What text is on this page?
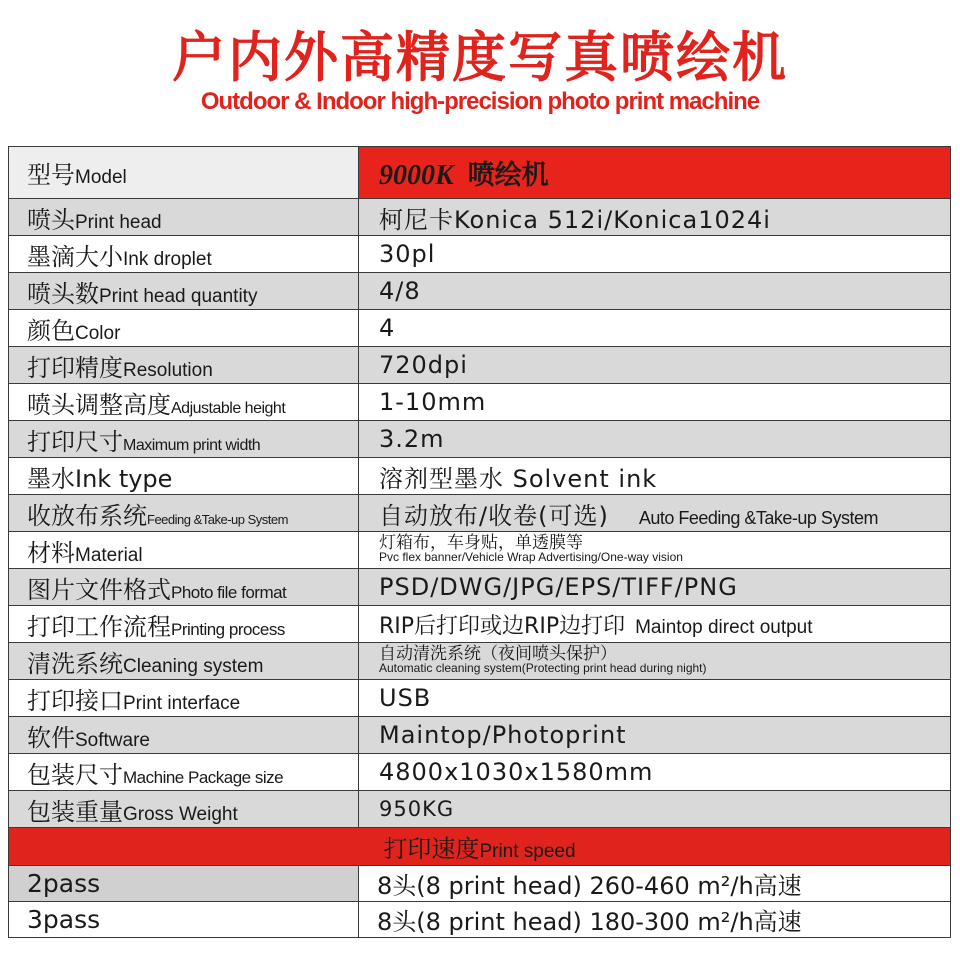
户内外高精度写真喷绘机
Outdoor & Indoor high-precision photo print machine
型号Model	9000K 喷绘机
喷头Print head	柯尼卡Konica 512i/Konica1024i
墨滴大小Ink droplet	30pl
喷头数Print head quantity	4/8
颜色Color	4
打印精度Resolution	720dpi
喷头调整高度Adjustable height	1-10mm
打印尺寸Maximum print width	3.2m
墨水Ink type	溶剂型墨水 Solvent ink
收放布系统Feeding &Take-up System	自动放布/收卷(可选) Auto Feeding &Take-up System
材料Material	灯箱布，车身贴，单透膜等
Pvc flex banner/Vehicle Wrap Advertising/One-way vision

图片文件格式Photo file format	PSD/DWG/JPG/EPS/TIFF/PNG
打印工作流程Printing process	RIP后打印或边RIP边打印 Maintop direct output
清洗系统Cleaning system	自动清洗系统（夜间喷头保护）
Automatic cleaning system(Protecting print head during night)

打印接口Print interface	USB
软件Software	Maintop/Photoprint
包装尺寸Machine Package size	4800x1030x1580mm
包装重量Gross Weight	950KG
打印速度Print speed	
2pass	8头(8 print head) 260-460 m²/h高速
3pass	8头(8 print head) 180-300 m²/h高速
